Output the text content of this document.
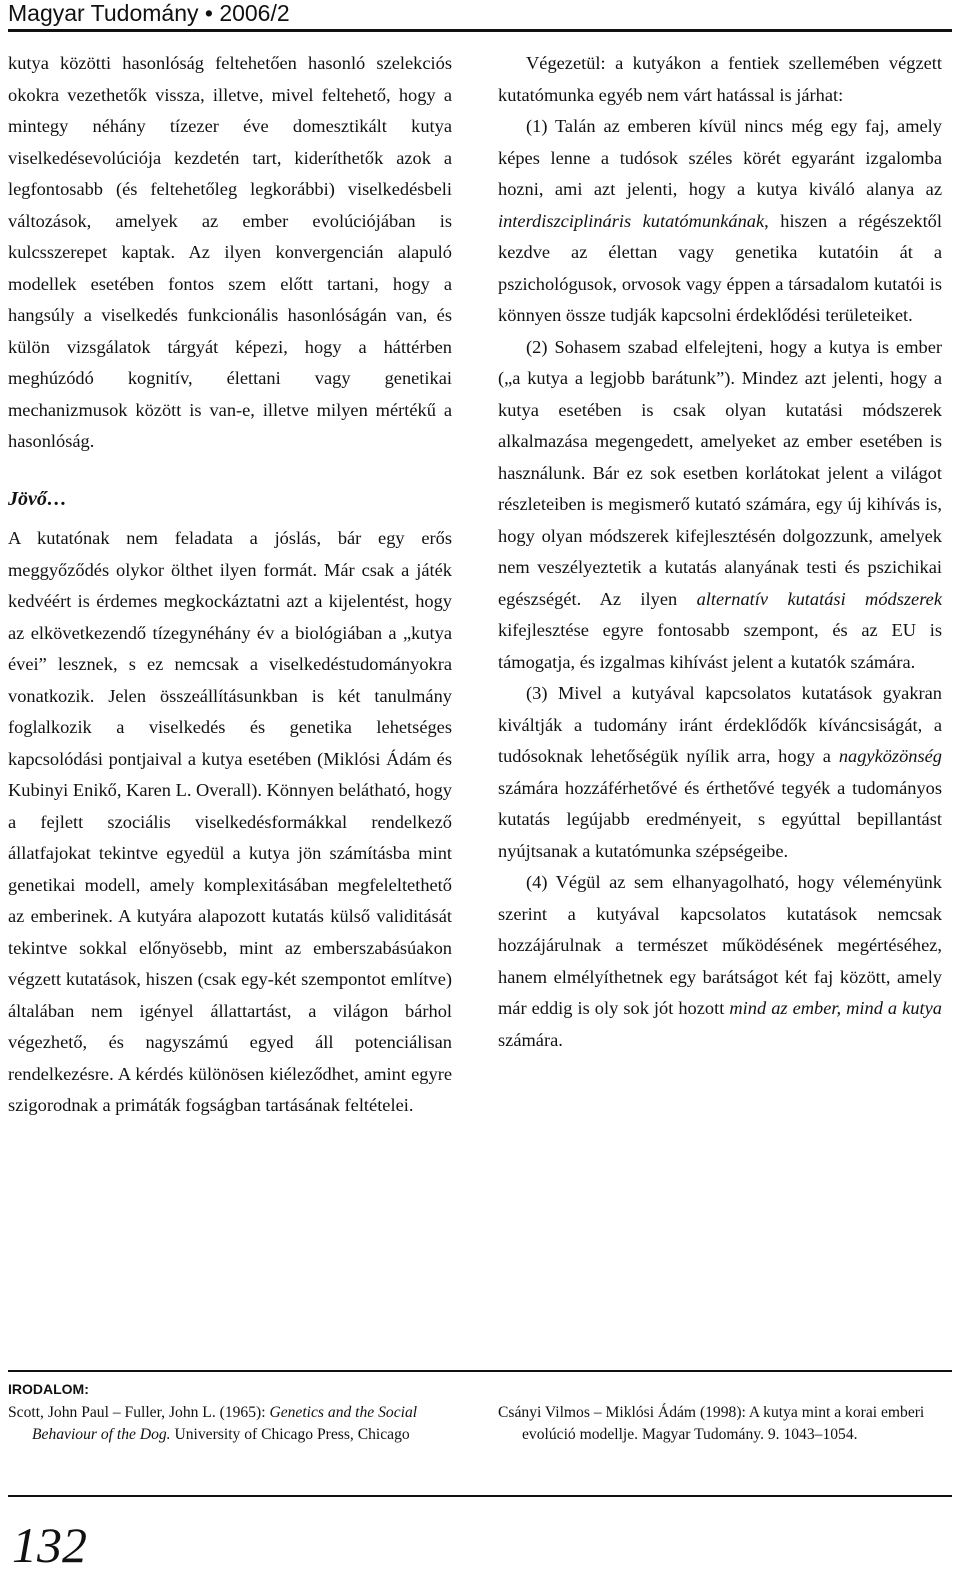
Magyar Tudomány • 2006/2

kutya közötti hasonlóság feltehetően hasonló szelekciós okokra vezethetők vissza, illetve, mivel feltehető, hogy a mintegy néhány tízezer éve domesztikált kutya viselkedésevolúciója kezdetén tart, kideríthetők azok a legfontosabb (és feltehetőleg legkorábbi) viselkedésbeli változások, amelyek az ember evolúciójában is kulcsszerepet kaptak. Az ilyen konvergencián alapuló modellek esetében fontos szem előtt tartani, hogy a hangsúly a viselkedés funkcionális hasonlóságán van, és külön vizsgálatok tárgyát képezi, hogy a háttérben meghúzódó kognitív, élettani vagy genetikai mechanizmusok között is van-e, illetve milyen mértékű a hasonlóság.

Jövő…

A kutatónak nem feladata a jóslás, bár egy erős meggyőződés olykor ölthet ilyen formát. Már csak a játék kedvéért is érdemes megkockáztatni azt a kijelentést, hogy az elkövetkezendő tízegynéhány év a biológiában a „kutya évei” lesznek, s ez nemcsak a viselkedéstudományokra vonatkozik. Jelen összeállításunkban is két tanulmány foglalkozik a viselkedés és genetika lehetséges kapcsolódási pontjaival a kutya esetében (Miklósi Ádám és Kubinyi Enikő, Karen L. Overall). Könnyen belátható, hogy a fejlett szociális viselkedésformákkal rendelkező állatfajokat tekintve egyedül a kutya jön számításba mint genetikai modell, amely komplexitásában megfeleltethető az emberinek. A kutyára alapozott kutatás külső validitását tekintve sokkal előnyösebb, mint az emberszabásúakon végzett kutatások, hiszen (csak egy-két szempontot említve) általában nem igényel állattartást, a világon bárhol végezhető, és nagyszámú egyed áll potenciálisan rendelkezésre. A kérdés különösen kiéleződhet, amint egyre szigorodnak a primáták fogságban tartásának feltételei.

Végezetül: a kutyákon a fentiek szellemében végzett kutatómunka egyéb nem várt hatással is járhat:

(1) Talán az emberen kívül nincs még egy faj, amely képes lenne a tudósok széles körét egyaránt izgalomba hozni, ami azt jelenti, hogy a kutya kiváló alanya az interdiszciplináris kutatómunkának, hiszen a régészektől kezdve az élettan vagy genetika kutatóin át a pszichológusok, orvosok vagy éppen a társadalom kutatói is könnyen össze tudják kapcsolni érdeklődési területeiket.

(2) Sohasem szabad elfelejteni, hogy a kutya is ember („a kutya a legjobb barátunk”). Mindez azt jelenti, hogy a kutya esetében is csak olyan kutatási módszerek alkalmazása megengedett, amelyeket az ember esetében is használunk. Bár ez sok esetben korlátokat jelent a világot részleteiben is megismerő kutató számára, egy új kihívás is, hogy olyan módszerek kifejlesztésén dolgozzunk, amelyek nem veszélyeztetik a kutatás alanyának testi és pszichikai egészségét. Az ilyen alternatív kutatási módszerek kifejlesztése egyre fontosabb szempont, és az EU is támogatja, és izgalmas kihívást jelent a kutatók számára.

(3) Mivel a kutyával kapcsolatos kutatások gyakran kiváltják a tudomány iránt érdeklődők kíváncsiságát, a tudósoknak lehetőségük nyílik arra, hogy a nagyközönség számára hozzáférhetővé és érthetővé tegyék a tudományos kutatás legújabb eredményeit, s egyúttal bepillantást nyújtsanak a kutatómunka szépségeibe.

(4) Végül az sem elhanyagolható, hogy véleményünk szerint a kutyával kapcsolatos kutatások nemcsak hozzájárulnak a természet működésének megértéséhez, hanem elmélyíthetnek egy barátságot két faj között, amely már eddig is oly sok jót hozott mind az ember, mind a kutya számára.

IRODALOM:
Scott, John Paul – Fuller, John L. (1965): Genetics and the Social Behaviour of the Dog. University of Chicago Press, Chicago
Csányi Vilmos – Miklósi Ádám (1998): A kutya mint a korai emberi evolúció modellje. Magyar Tudomány. 9. 1043–1054.
132
